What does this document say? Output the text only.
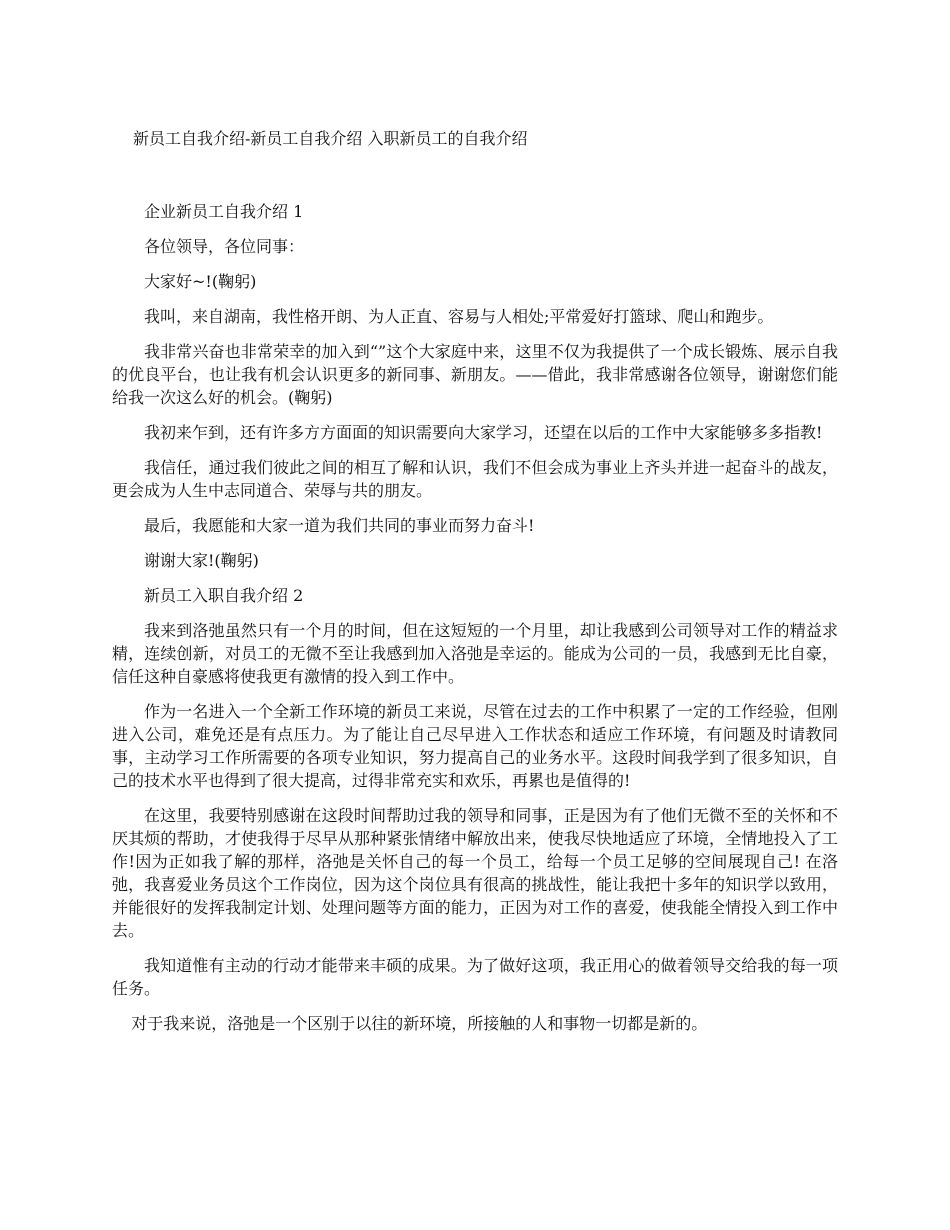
新员工自我介绍-新员工自我介绍 入职新员工的自我介绍

企业新员工自我介绍 1

各位领导，各位同事：

大家好~!(鞠躬)

我叫，来自湖南，我性格开朗、为人正直、容易与人相处;平常爱好打篮球、爬山和跑步。

我非常兴奋也非常荣幸的加入到“”这个大家庭中来，这里不仅为我提供了一个成长锻炼、展示自我的优良平台，也让我有机会认识更多的新同事、新朋友。——借此，我非常感谢各位领导，谢谢您们能给我一次这么好的机会。(鞠躬)

我初来乍到，还有许多方方面面的知识需要向大家学习，还望在以后的工作中大家能够多多指教!

我信任，通过我们彼此之间的相互了解和认识，我们不但会成为事业上齐头并进一起奋斗的战友，更会成为人生中志同道合、荣辱与共的朋友。

最后，我愿能和大家一道为我们共同的事业而努力奋斗!

谢谢大家!(鞠躬)

新员工入职自我介绍 2

我来到洛弛虽然只有一个月的时间，但在这短短的一个月里，却让我感到公司领导对工作的精益求精，连续创新，对员工的无微不至让我感到加入洛弛是幸运的。能成为公司的一员，我感到无比自豪，信任这种自豪感将使我更有激情的投入到工作中。

作为一名进入一个全新工作环境的新员工来说，尽管在过去的工作中积累了一定的工作经验，但刚进入公司，难免还是有点压力。为了能让自己尽早进入工作状态和适应工作环境，有问题及时请教同事，主动学习工作所需要的各项专业知识，努力提高自己的业务水平。这段时间我学到了很多知识，自己的技术水平也得到了很大提高，过得非常充实和欢乐，再累也是值得的!

在这里，我要特别感谢在这段时间帮助过我的领导和同事，正是因为有了他们无微不至的关怀和不厌其烦的帮助，才使我得于尽早从那种紧张情绪中解放出来，使我尽快地适应了环境，全情地投入了工作!因为正如我了解的那样，洛弛是关怀自己的每一个员工，给每一个员工足够的空间展现自己! 在洛弛，我喜爱业务员这个工作岗位，因为这个岗位具有很高的挑战性，能让我把十多年的知识学以致用，并能很好的发挥我制定计划、处理问题等方面的能力，正因为对工作的喜爱，使我能全情投入到工作中去。

我知道惟有主动的行动才能带来丰硕的成果。为了做好这项，我正用心的做着领导交给我的每一项任务。

对于我来说，洛弛是一个区别于以往的新环境，所接触的人和事物一切都是新的。
